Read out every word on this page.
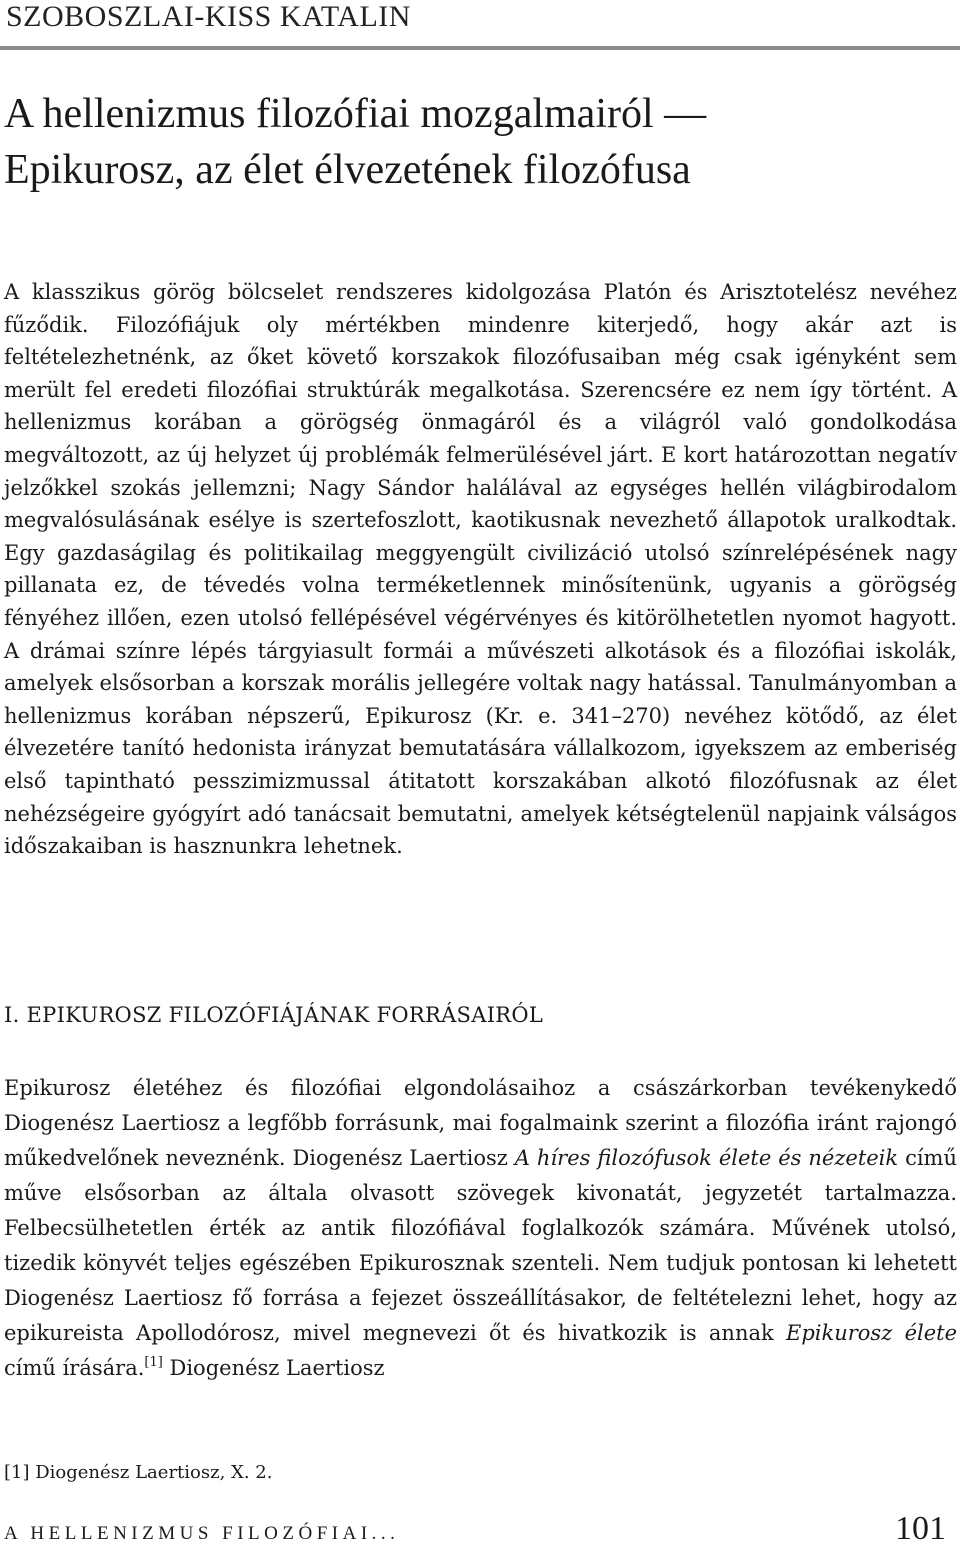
SZOBOSZLAI-KISS KATALIN
A hellenizmus filozófiai mozgalmairól —
Epikurosz, az élet élvezetének filozófusa

A klasszikus görög bölcselet rendszeres kidolgozása Platón és Arisztotelész nevéhez fűződik. Filozófiájuk oly mértékben mindenre kiterjedő, hogy akár azt is feltételezhetnénk, az őket követő korszakok filozófusaiban még csak igényként sem merült fel eredeti filozófiai struktúrák megalkotása. Szerencsére ez nem így történt. A hellenizmus korában a görögség önmagáról és a világról való gondolkodása megváltozott, az új helyzet új problémák felmerülésével járt. E kort határozottan negatív jelzőkkel szokás jellemzni; Nagy Sándor halálával az egységes hellén világbirodalom megvalósulásának esélye is szertefoszlott, kaotikusnak nevezhető állapotok uralkodtak. Egy gazdaságilag és politikailag meggyengült civilizáció utolsó színrelépésének nagy pillanata ez, de tévedés volna terméketlennek minősítenünk, ugyanis a görögség fényéhez illően, ezen utolsó fellépésével végérvényes és kitörölhetetlen nyomot hagyott. A drámai színre lépés tárgyiasult formái a művészeti alkotások és a filozófiai iskolák, amelyek elsősorban a korszak morális jellegére voltak nagy hatással. Tanulmányomban a hellenizmus korában népszerű, Epikurosz (Kr. e. 341–270) nevéhez kötődő, az élet élvezetére tanító hedonista irányzat bemutatására vállalkozom, igyekszem az emberiség első tapintható pesszimizmussal átitatott korszakában alkotó filozófusnak az élet nehézségeire gyógyírt adó tanácsait bemutatni, amelyek kétségtelenül napjaink válságos időszakaiban is hasznunkra lehetnek.

I. EPIKUROSZ FILOZÓFIÁJÁNAK FORRÁSAIRÓL

Epikurosz életéhez és filozófiai elgondolásaihoz a császárkorban tevékenykedő Diogenész Laertiosz a legfőbb forrásunk, mai fogalmaink szerint a filozófia iránt rajongó műkedvelőnek neveznénk. Diogenész Laertiosz A híres filozófusok élete és nézeteik című műve elsősorban az általa olvasott szövegek kivonatát, jegyzetét tartalmazza. Felbecsülhetetlen érték az antik filozófiával foglalkozók számára. Művének utolsó, tizedik könyvét teljes egészében Epikurosznak szenteli. Nem tudjuk pontosan ki lehetett Diogenész Laertiosz fő forrása a fejezet összeállításakor, de feltételezni lehet, hogy az epikureista Apollodórosz, mivel megnevezi őt és hivatkozik is annak Epikurosz élete című írására.[1] Diogenész Laertiosz

[1] Diogenész Laertiosz, X. 2.
A HELLENIZMUS FILOZÓFIAI...	101
